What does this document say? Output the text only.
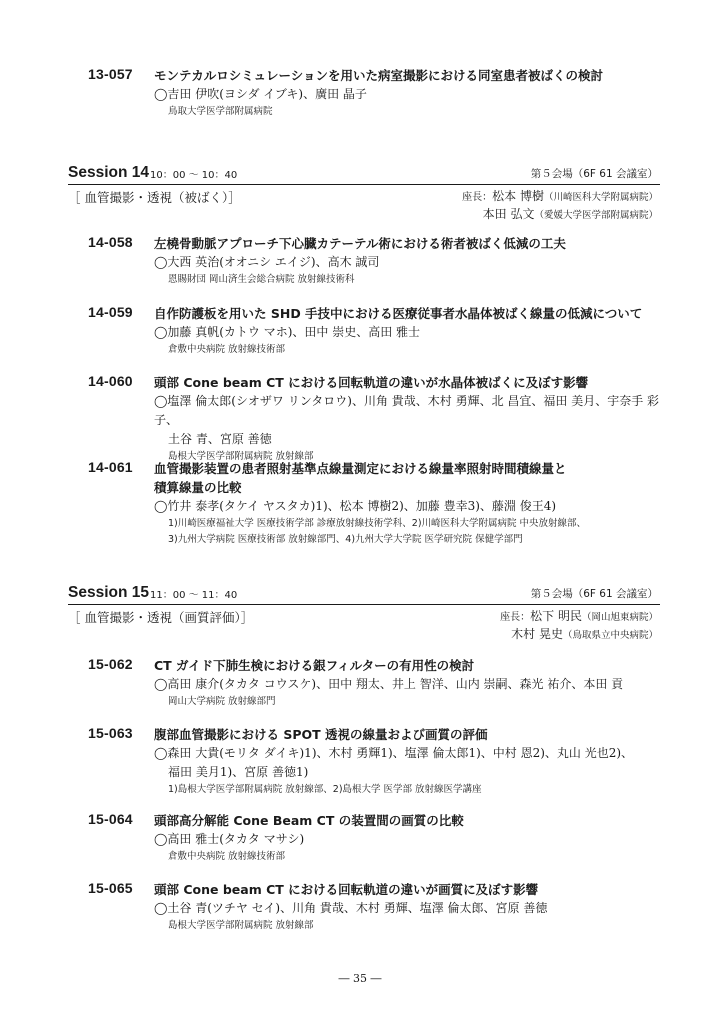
13-057	モンテカルロシミュレーションを用いた病室撮影における同室患者被ばくの検討
◯吉田 伊吹(ヨシダ イブキ)、廣田 晶子
鳥取大学医学部附属病院
Session 14 10：00 〜 10：40	第５会場（6F 61 会議室）
［ 血管撮影・透視（被ばく）］	座長：松本 博樹（川崎医科大学附属病院）
本田 弘文（愛媛大学医学部附属病院）
14-058	左橈骨動脈アプローチ下心臓カテーテル術における術者被ばく低減の工夫
◯大西 英治(オオニシ エイジ)、高木 誠司
恩賜財団 岡山済生会総合病院 放射線技術科
14-059	自作防護板を用いた SHD 手技中における医療従事者水晶体被ばく線量の低減について
◯加藤 真帆(カトウ マホ)、田中 崇史、高田 雅士
倉敷中央病院 放射線技術部
14-060	頭部 Cone beam CT における回転軌道の違いが水晶体被ばくに及ぼす影響
◯塩澤 倫太郎(シオザワ リンタロウ)、川角 貴哉、木村 勇輝、北 昌宜、福田 美月、宇奈手 彩子、
土谷 青、宮原 善徳
島根大学医学部附属病院 放射線部
14-061	血管撮影装置の患者照射基準点線量測定における線量率照射時間積線量と
積算線量の比較
◯竹井 泰孝(タケイ ヤスタカ)1)、松本 博樹2)、加藤 豊幸3)、藤淵 俊王4)
1)川崎医療福祉大学 医療技術学部 診療放射線技術学科、2)川崎医科大学附属病院 中央放射線部、
3)九州大学病院 医療技術部 放射線部門、4)九州大学大学院 医学研究院 保健学部門
Session 15 11：00 〜 11：40	第５会場（6F 61 会議室）
［ 血管撮影・透視（画質評価）］	座長：松下 明民（岡山旭東病院）
木村 晃史（鳥取県立中央病院）
15-062	CT ガイド下肺生検における銀フィルターの有用性の検討
◯高田 康介(タカタ コウスケ)、田中 翔太、井上 智洋、山内 崇嗣、森光 祐介、本田 貢
岡山大学病院 放射線部門
15-063	腹部血管撮影における SPOT 透視の線量および画質の評価
◯森田 大貴(モリタ ダイキ)1)、木村 勇輝1)、塩澤 倫太郎1)、中村 恩2)、丸山 光也2)、
福田 美月1)、宮原 善徳1)
1)島根大学医学部附属病院 放射線部、2)島根大学 医学部 放射線医学講座
15-064	頭部高分解能 Cone Beam CT の装置間の画質の比較
◯高田 雅士(タカタ マサシ)
倉敷中央病院 放射線技術部
15-065	頭部 Cone beam CT における回転軌道の違いが画質に及ぼす影響
◯土谷 青(ツチヤ セイ)、川角 貴哉、木村 勇輝、塩澤 倫太郎、宮原 善徳
島根大学医学部附属病院 放射線部
― 35 ―
